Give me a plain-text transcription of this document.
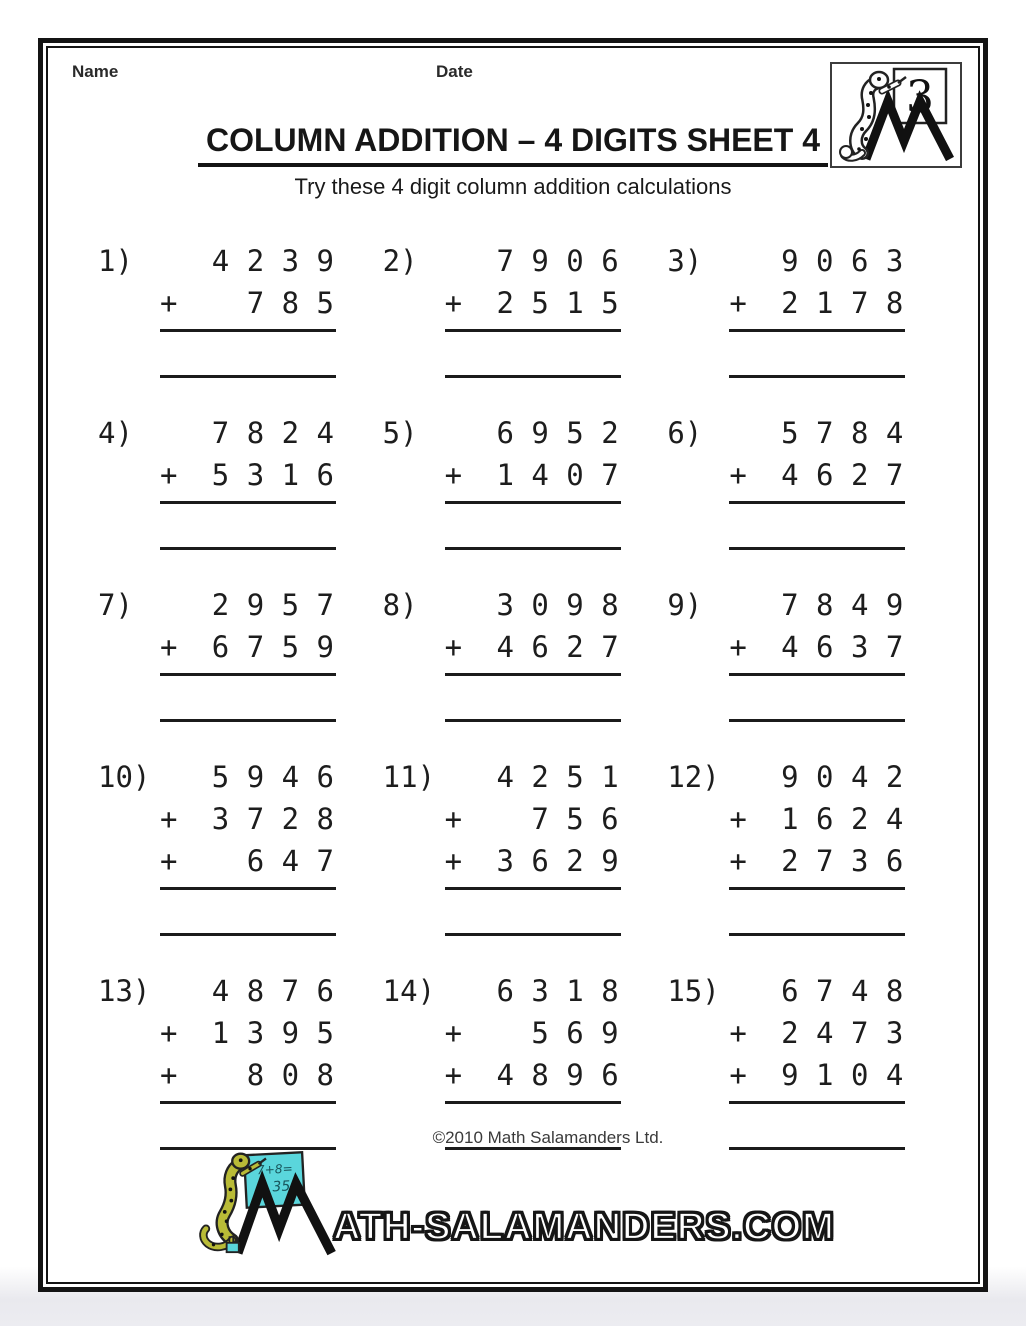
Name	Date
3
COLUMN ADDITION – 4 DIGITS SHEET 4

Try these 4 digit column addition calculations

1)	4 2 3 9
+ 7 8 5
2)	7 9 0 6
+ 2 5 1 5
3)	9 0 6 3
+ 2 1 7 8
4)	7 8 2 4
+ 5 3 1 6
5)	6 9 5 2
+ 1 4 0 7
6)	5 7 8 4
+ 4 6 2 7
7)	2 9 5 7
+ 6 7 5 9
8)	3 0 9 8
+ 4 6 2 7
9)	7 8 4 9
+ 4 6 3 7
10)	5 9 4 6
+ 3 7 2 8
+ 6 4 7
11)	4 2 5 1
+ 7 5 6
+ 3 6 2 9
12)	9 0 4 2
+ 1 6 2 4
+ 2 7 3 6
13)	4 8 7 6
+ 1 3 9 5
+ 8 0 8
14)	6 3 1 8
+ 5 6 9
+ 4 8 9 6
15)	6 7 4 8
+ 2 4 7 3
+ 9 1 0 4
©2010 Math Salamanders Ltd.
7+8=
35
ATH-SALAMANDERS.COM
